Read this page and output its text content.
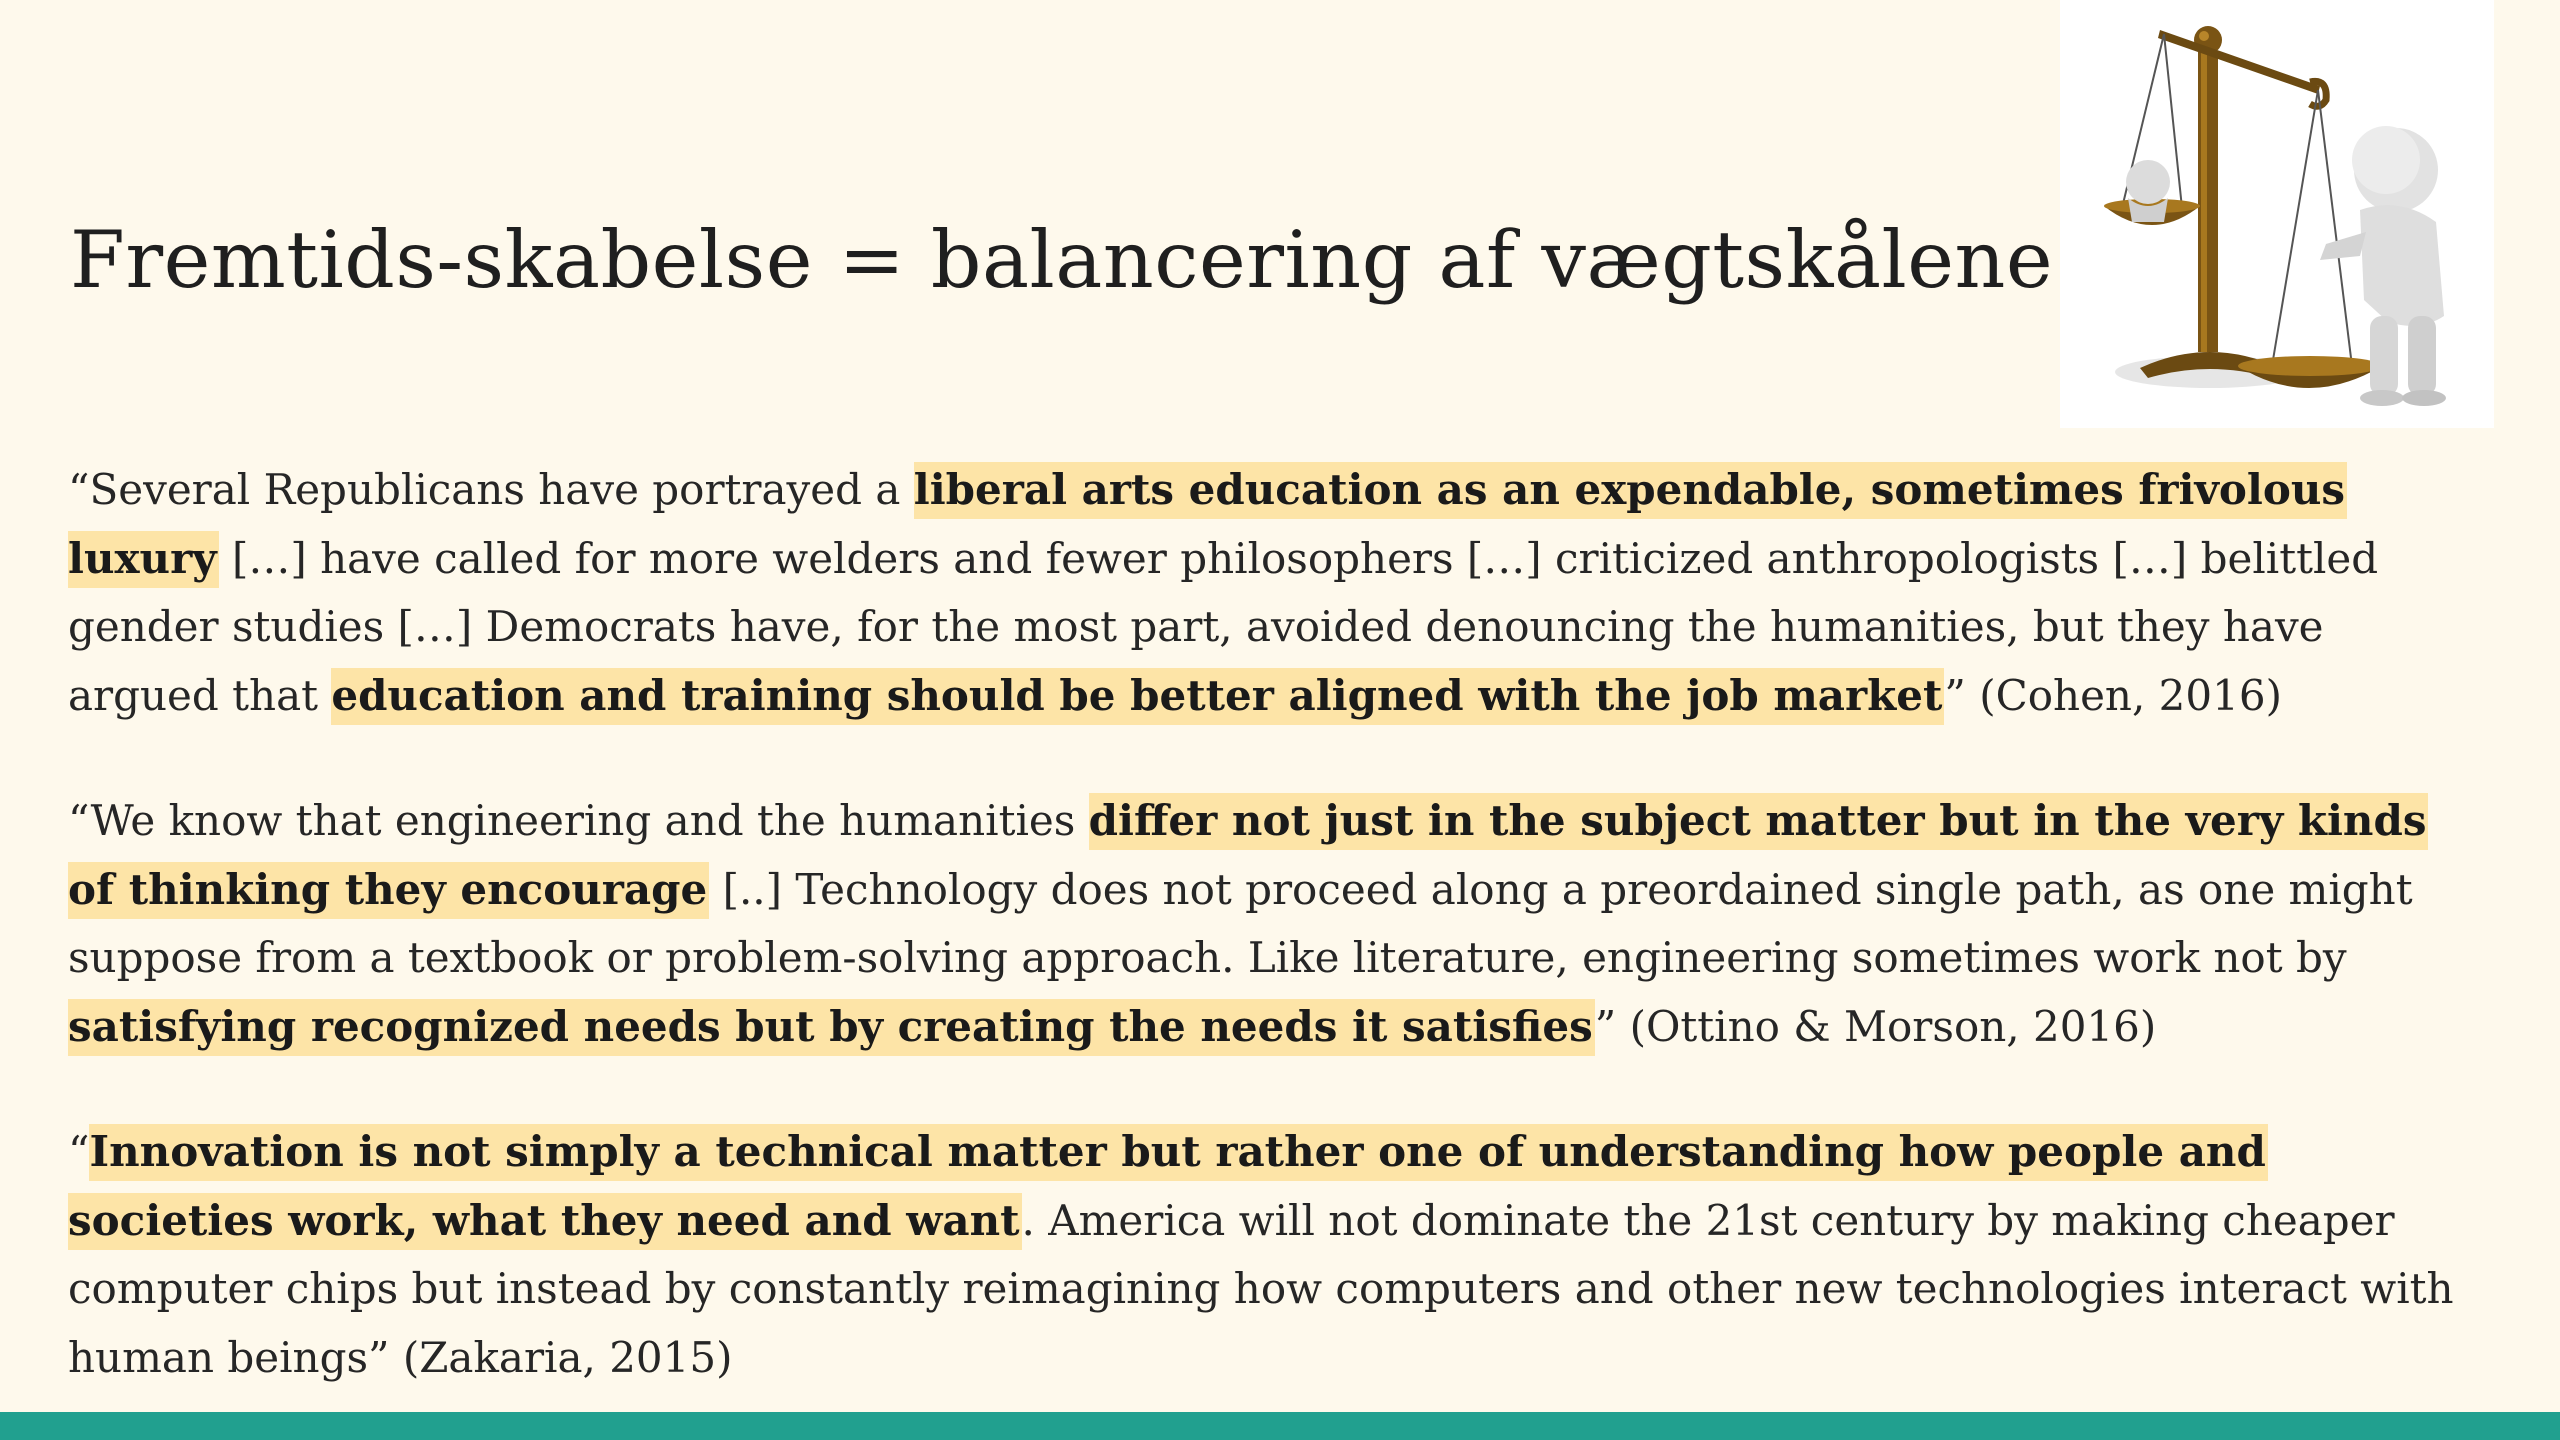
Fremtids-skabelse = balancering af vægtskålene

“Several Republicans have portrayed a liberal arts education as an expendable, sometimes frivolous luxury […] have called for more welders and fewer philosophers […] criticized anthropologists […] belittled gender studies […] Democrats have, for the most part, avoided denouncing the humanities, but they have argued that education and training should be better aligned with the job market” (Cohen, 2016)

“We know that engineering and the humanities differ not just in the subject matter but in the very kinds of thinking they encourage [..] Technology does not proceed along a preordained single path, as one might suppose from a textbook or problem-solving approach. Like literature, engineering sometimes work not by satisfying recognized needs but by creating the needs it satisfies” (Ottino & Morson, 2016)

“Innovation is not simply a technical matter but rather one of understanding how people and societies work, what they need and want. America will not dominate the 21st century by making cheaper computer chips but instead by constantly reimagining how computers and other new technologies interact with human beings” (Zakaria, 2015)
